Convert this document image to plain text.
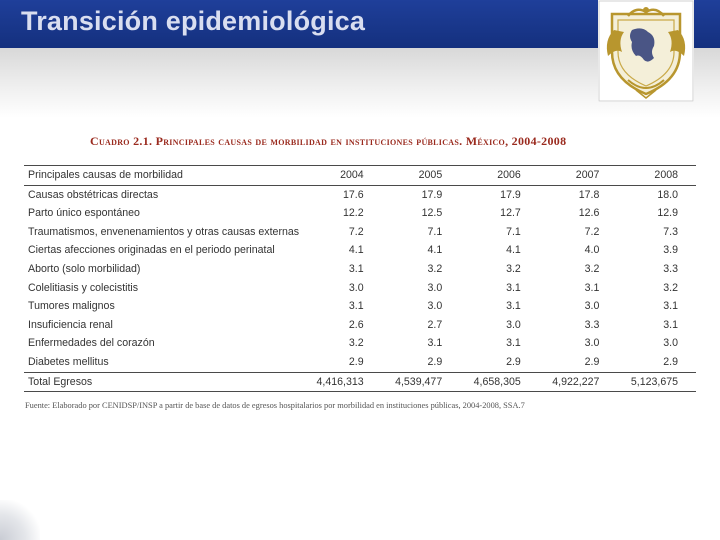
Transición epidemiológica
Cuadro 2.1. Principales causas de morbilidad en instituciones públicas. México, 2004-2008
Principales causas de morbilidad	2004	2005	2006	2007	2008
Causas obstétricas directas	17.6	17.9	17.9	17.8	18.0
Parto único espontáneo	12.2	12.5	12.7	12.6	12.9
Traumatismos, envenenamientos y otras causas externas	7.2	7.1	7.1	7.2	7.3
Ciertas afecciones originadas en el periodo perinatal	4.1	4.1	4.1	4.0	3.9
Aborto (solo morbilidad)	3.1	3.2	3.2	3.2	3.3
Colelitiasis y colecistitis	3.0	3.0	3.1	3.1	3.2
Tumores malignos	3.1	3.0	3.1	3.0	3.1
Insuficiencia renal	2.6	2.7	3.0	3.3	3.1
Enfermedades del corazón	3.2	3.1	3.1	3.0	3.0
Diabetes mellitus	2.9	2.9	2.9	2.9	2.9
Total Egresos	4,416,313	4,539,477	4,658,305	4,922,227	5,123,675
Fuente: Elaborado por CENIDSP/INSP a partir de base de datos de egresos hospitalarios por morbilidad en instituciones públicas, 2004-2008, SSA.7
